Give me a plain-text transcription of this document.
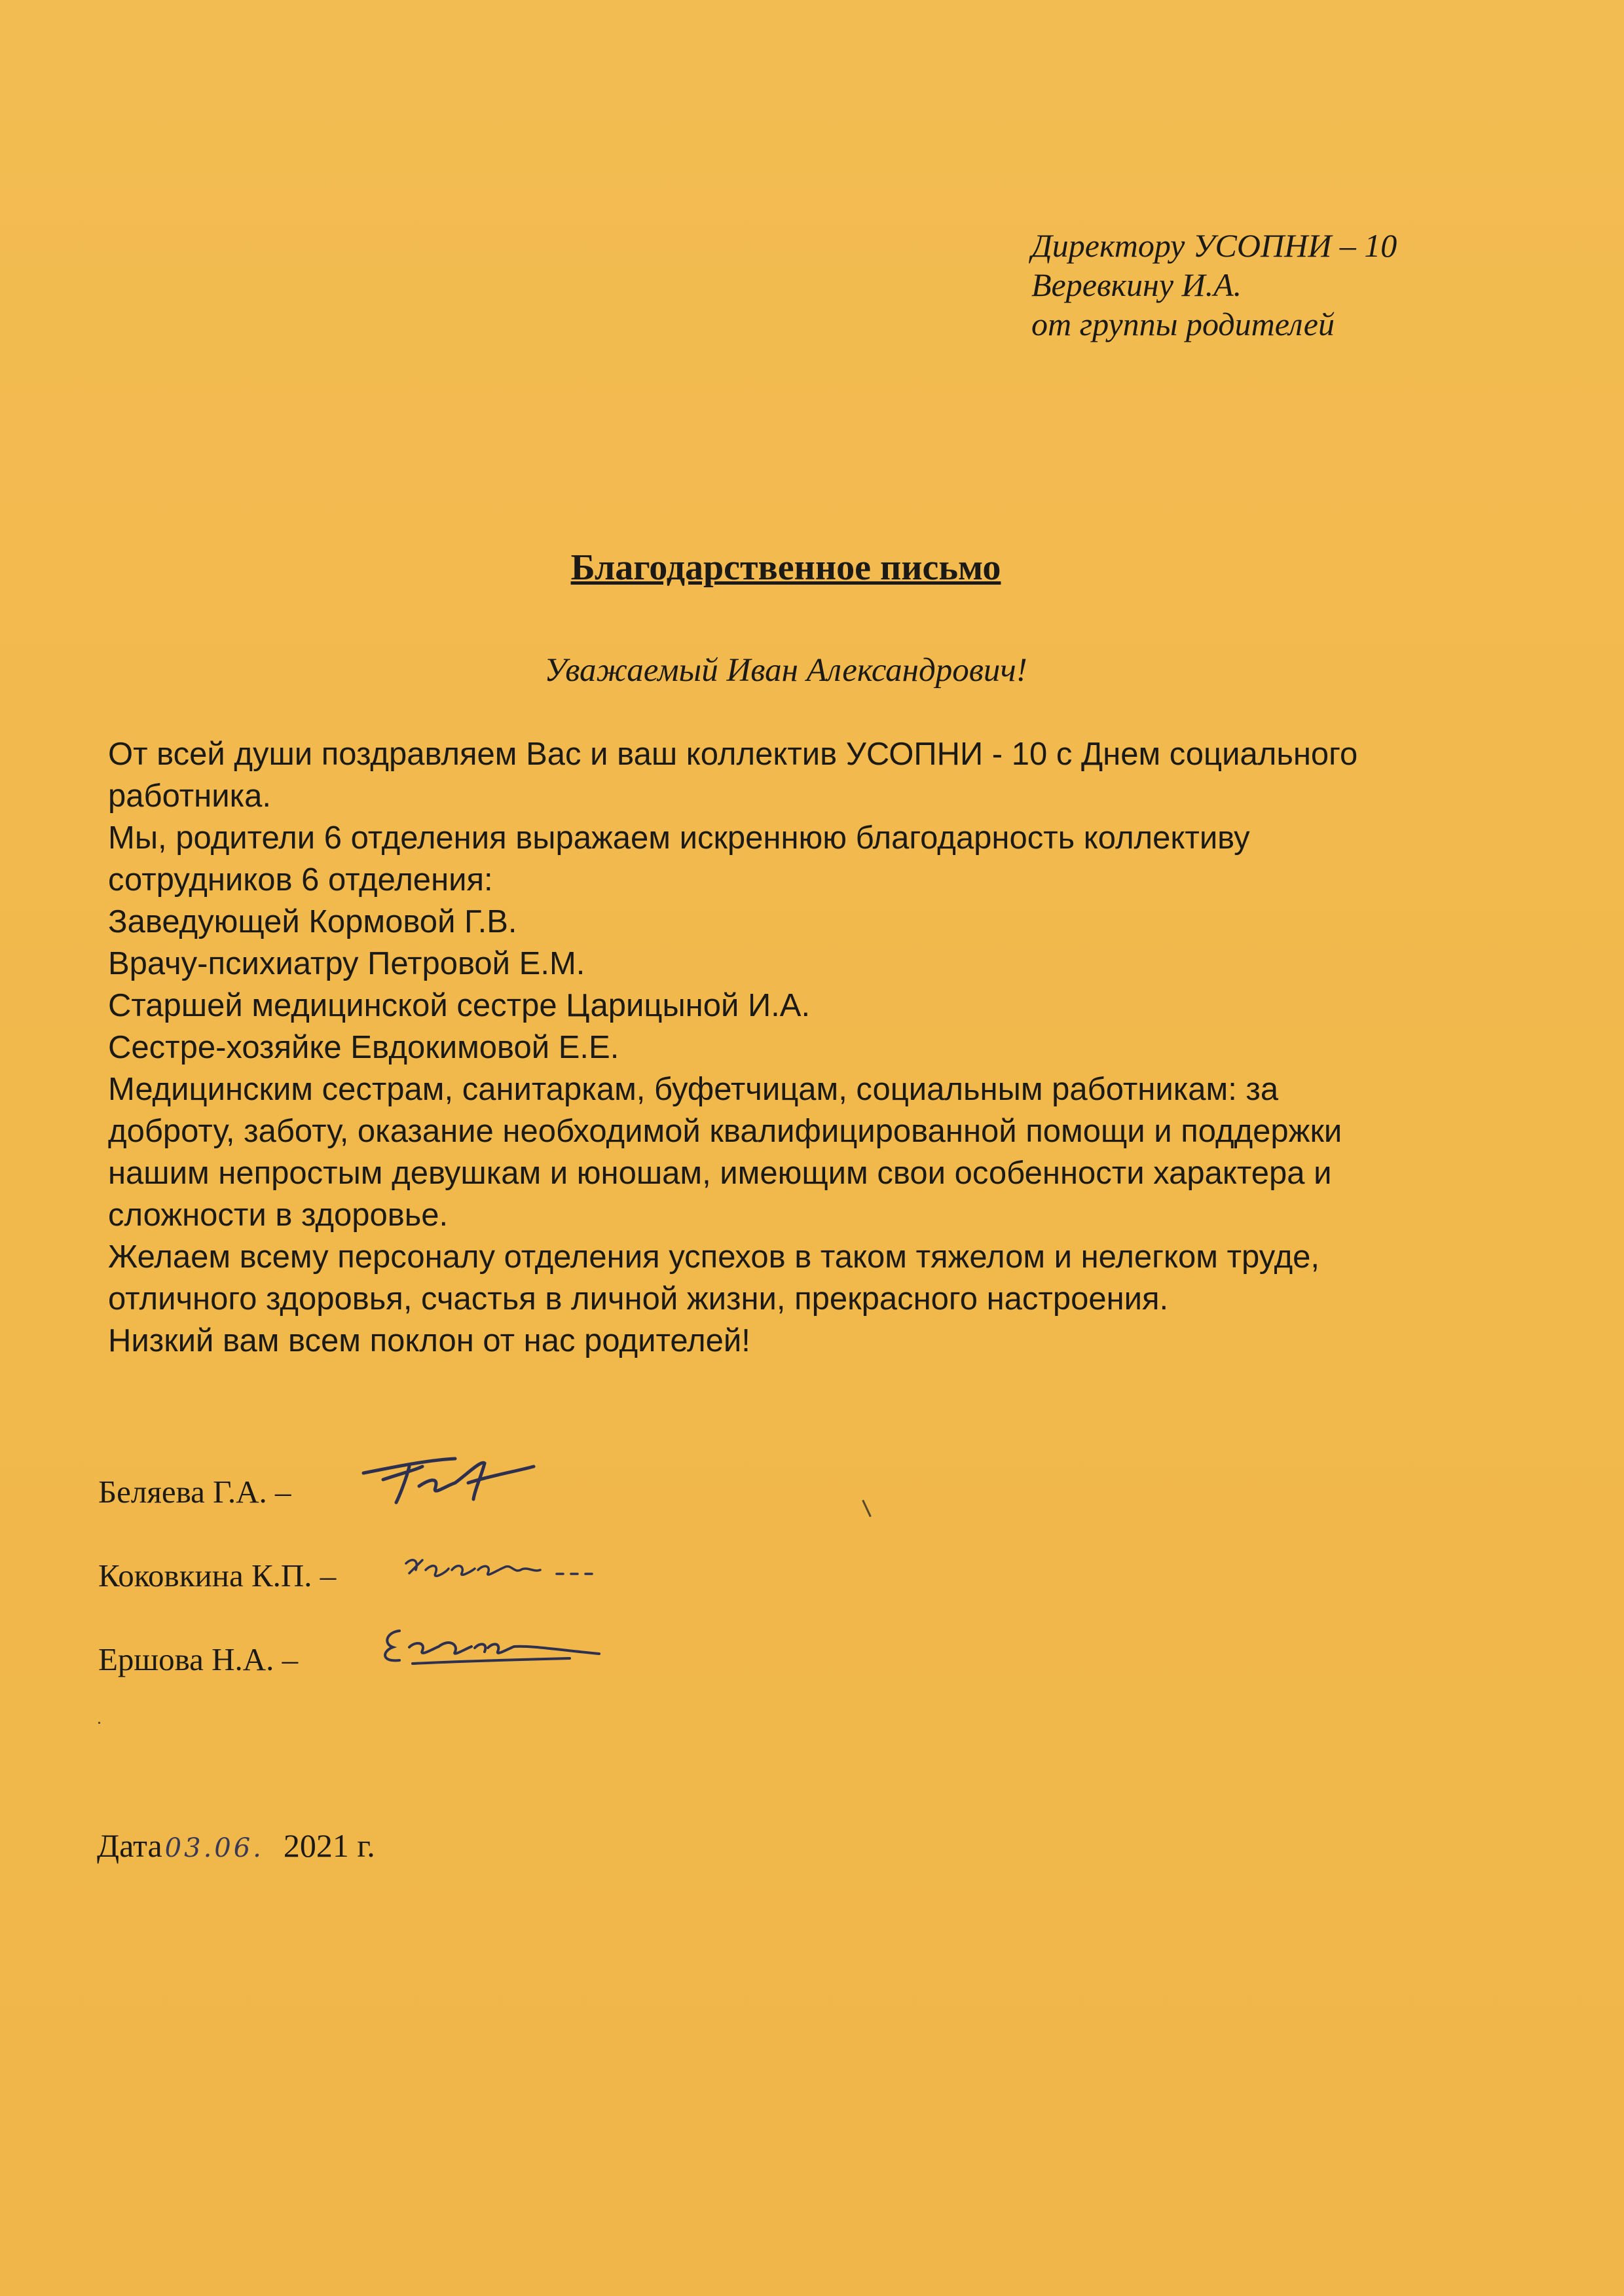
Директору УСОПНИ – 10
Веревкину И.А.
от группы родителей
Благодарственное письмо
Уважаемый Иван Александрович!
От всей души поздравляем Вас и ваш коллектив УСОПНИ - 10 с Днем социального
работника.
Мы, родители 6 отделения выражаем искреннюю благодарность коллективу
сотрудников 6 отделения:
Заведующей Кормовой Г.В.
Врачу-психиатру Петровой Е.М.
Старшей медицинской сестре Царицыной И.А.
Сестре-хозяйке Евдокимовой Е.Е.
Медицинским сестрам, санитаркам, буфетчицам, социальным работникам: за
доброту, заботу, оказание необходимой квалифицированной помощи и поддержки
нашим непростым девушкам и юношам, имеющим свои особенности характера и
сложности в здоровье.
Желаем всему персоналу отделения успехов в таком тяжелом и нелегком труде,
отличного здоровья, счастья в личной жизни, прекрасного настроения.
Низкий вам всем поклон от нас родителей!
Беляева Г.А. –
Коковкина К.П. –
Ершова Н.А. –
Дата 03.06. 2021 г.
